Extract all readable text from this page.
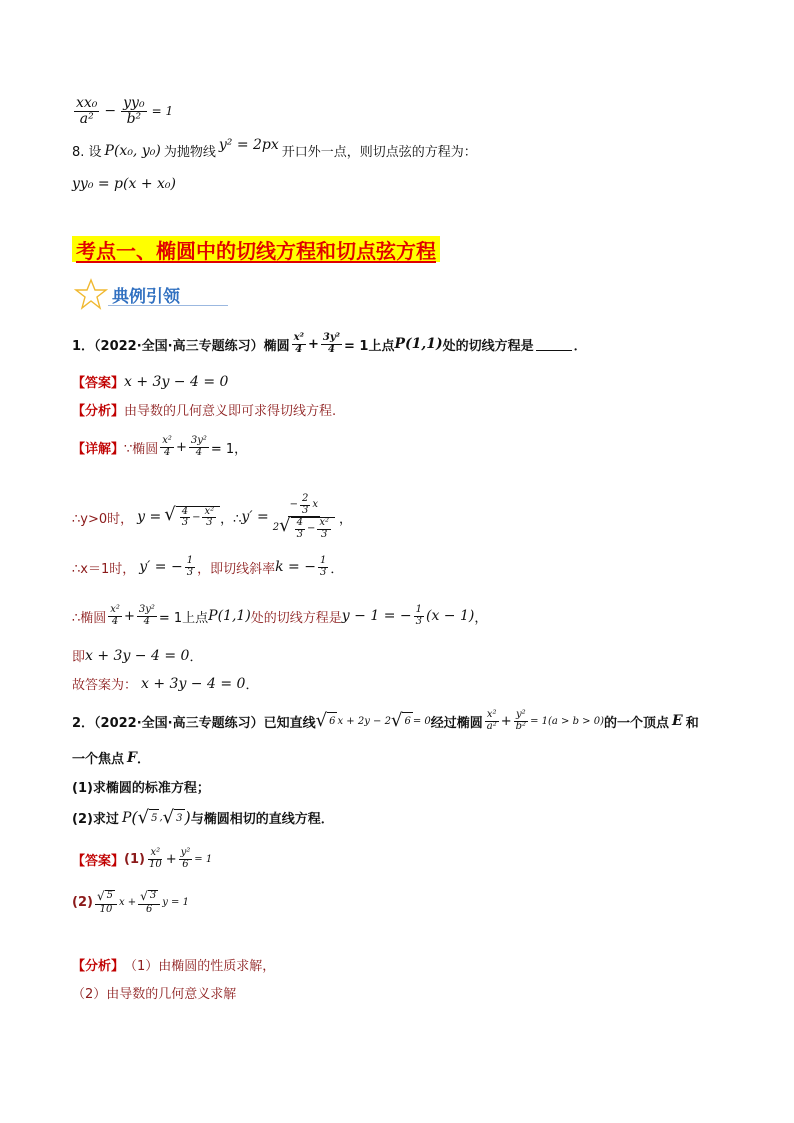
$\frac{\text{xx₀}}{\text{a²}} - \frac{\text{yy₀}}{\text{b²}} = 1$
8. 设 P(x₀, y₀) 为抛物线 y² = 2px 开口外一点，则切点弦的方程为：
yy₀ = p(x + x₀)
考点一、椭圆中的切线方程和切点弦方程
典例引领
1．（2022·全国·高三专题练习）椭圆 $\frac{\text{x²}}{4} + \frac{\text{3y²}}{4} = 1$上点 P(1,1) 处的切线方程是	．
【答案】 x + 3y − 4 = 0
【分析】 由导数的几何意义即可求得切线方程.
【详解】 ∵椭圆 $\frac{\text{x²}}{4} + \frac{\text{3y²}}{4} = 1$，
∴y>0时， y = √ $\frac{4}{3} - \frac{\text{x²}}{3}$ ，∴ $y' = \frac{- \frac{2}{3} x}{2 √ \frac{4}{3} - \frac{\text{x²}}{3}}$ ，
∴x＝1时， y′ = − $\frac{1}{3}$ ，即切线斜率 k = − $\frac{1}{3}$ ．
∴椭圆 $\frac{\text{x²}}{4} + \frac{\text{3y²}}{4} = 1$上点 P(1,1) 处的切线方程是 y − 1 = − $\frac{1}{3} (x - 1)$ ，
即 x + 3y − 4 = 0 ．
故答案为： x + 3y − 4 = 0 ．
2．（2022·全国·高三专题练习）已知直线 √ 6 x + 2y − 2 √ 6 = 0 经过椭圆 $\frac{\text{x²}}{\text{a²}} + \frac{\text{y²}}{\text{b²}} = 1(a > b > 0)$ 的一个顶点 E 和
一个焦点 F ．
(1)求椭圆的标准方程；
(2)求过 P ( √ 5 , √ 3 ) 与椭圆相切的直线方程．
【答案】 $(1) \frac{\text{x²}}{10} + \frac{\text{y²}}{6} = 1$
$(2) \frac{√ 5}{10}$ $x + \frac{√ 3}{6}$ y = 1
【分析】 （1）由椭圆的性质求解，
（2）由导数的几何意义求解
